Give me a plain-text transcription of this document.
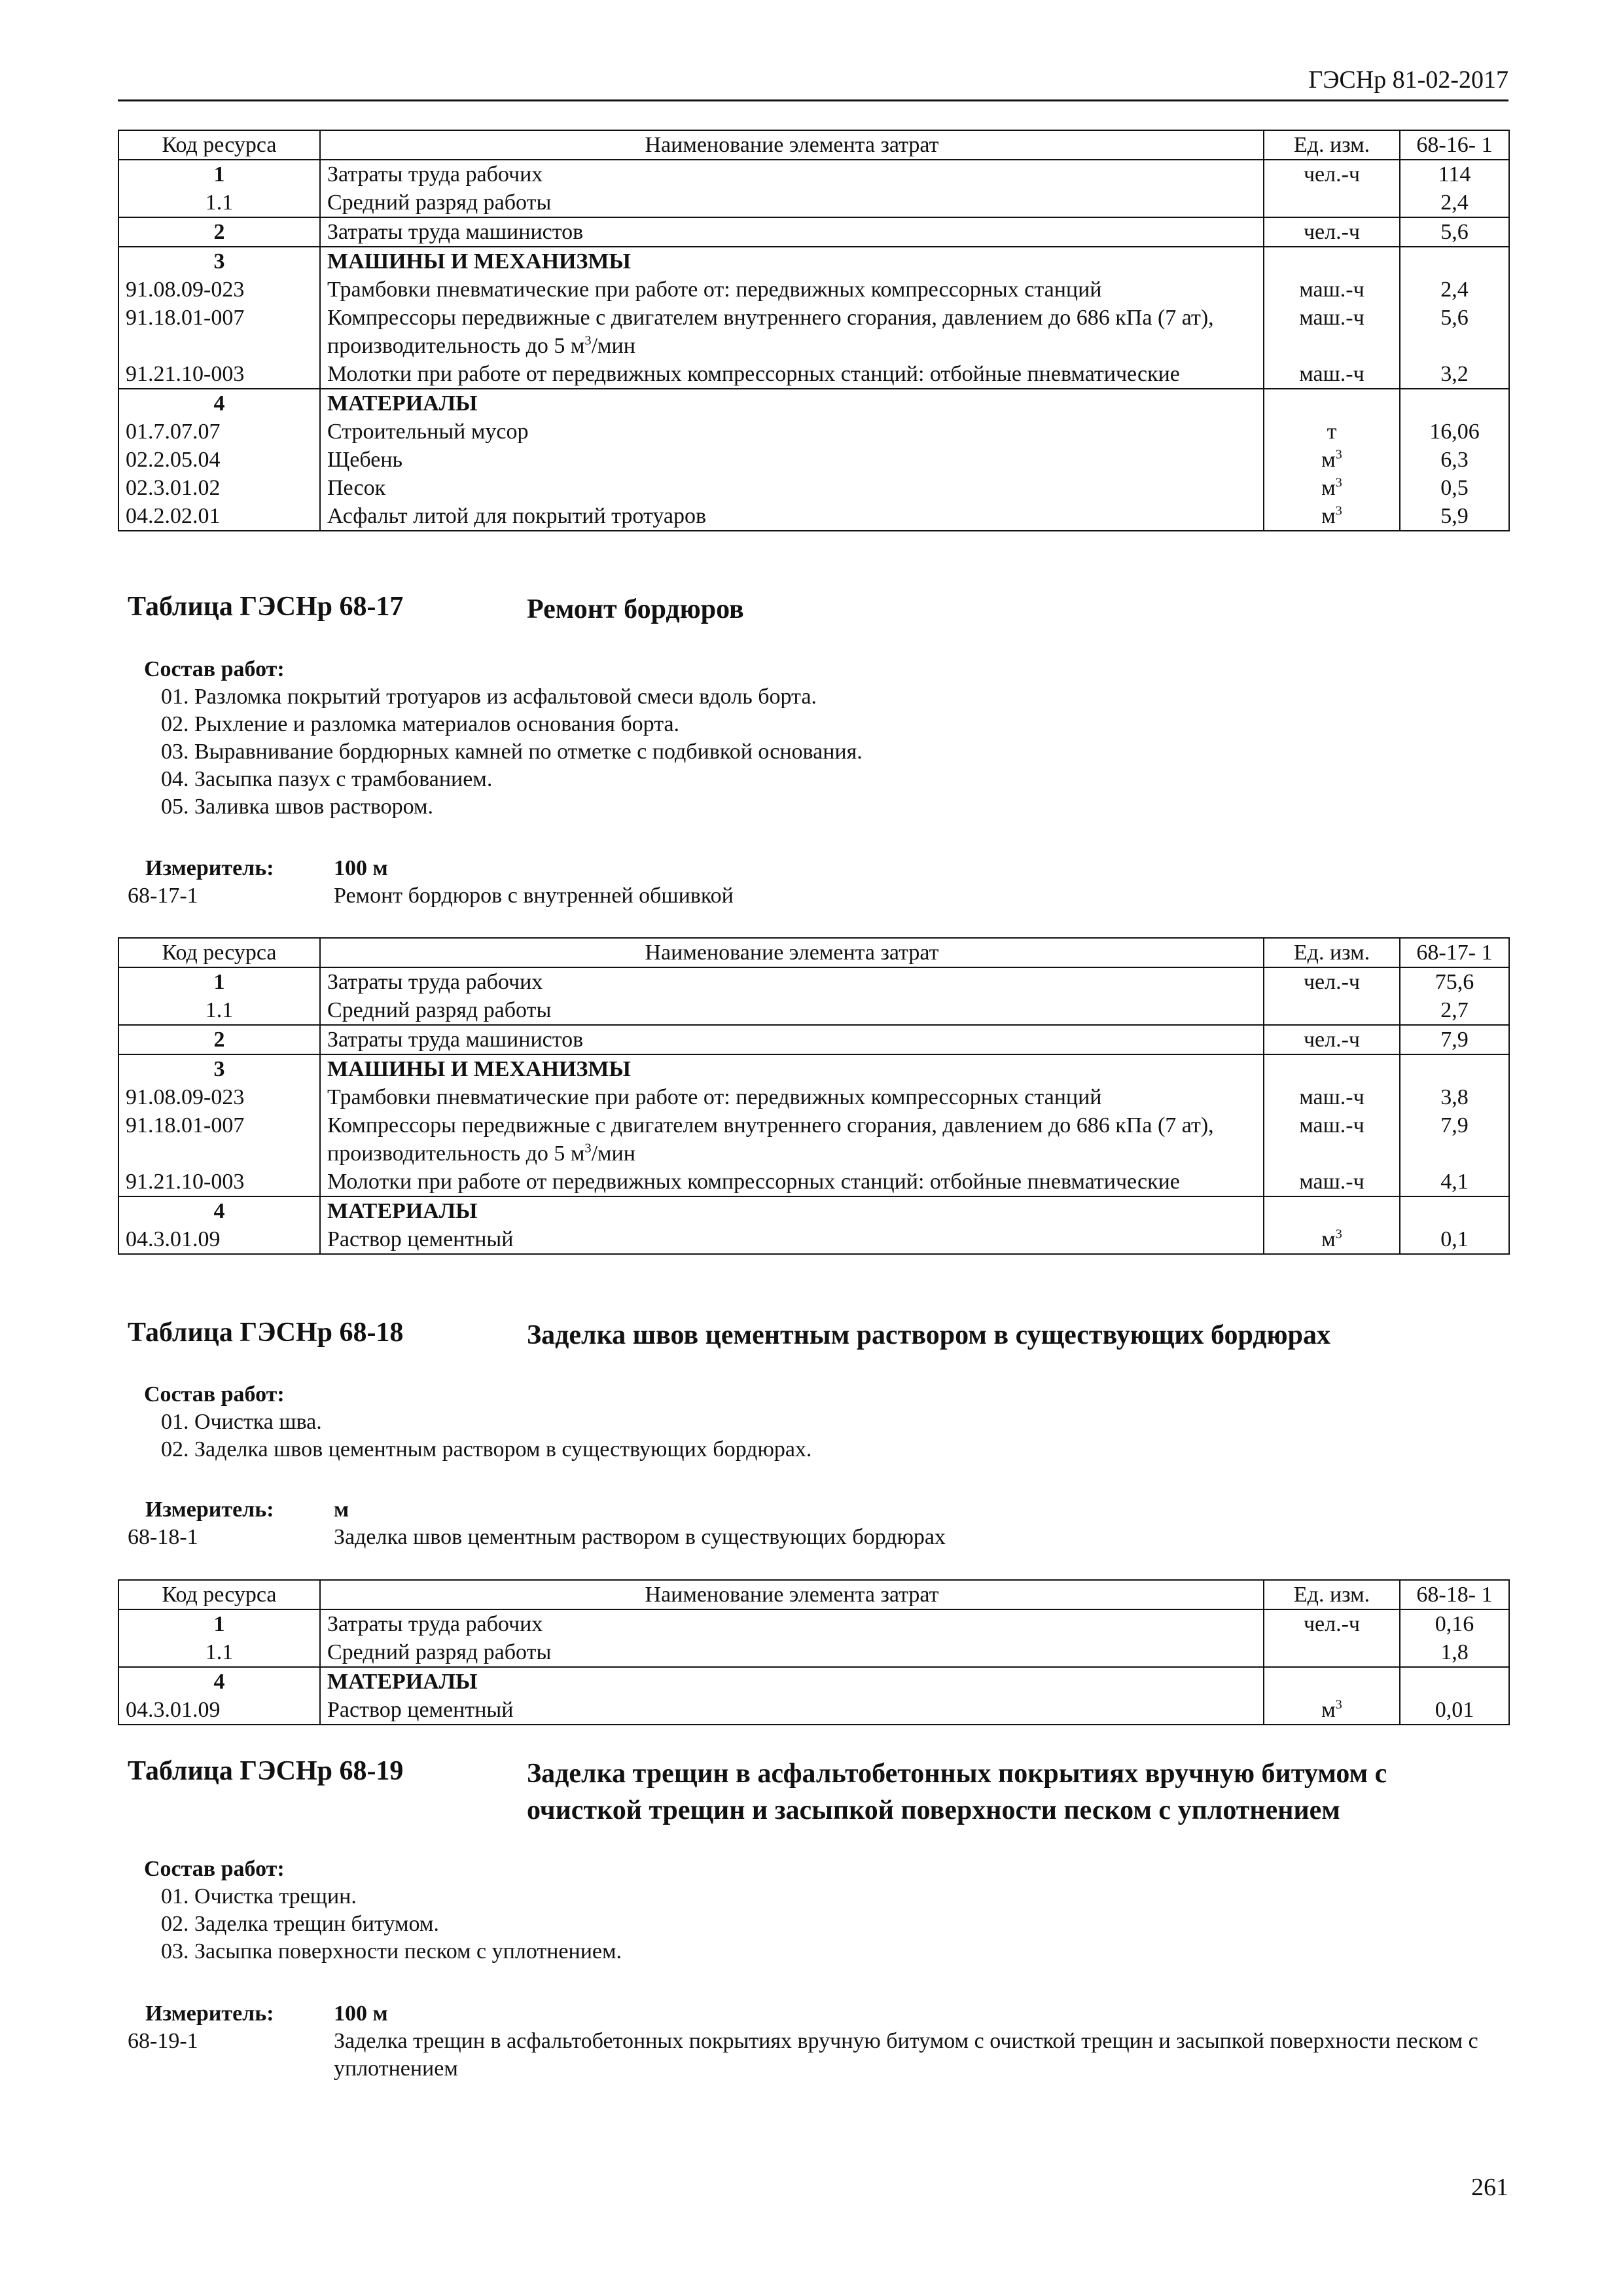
ГЭСНр 81-02-2017
Код ресурса	Наименование элемента затрат	Ед. изм.	68-16- 1
1	Затраты труда рабочих	чел.-ч	114
1.1	Средний разряд работы		2,4
2	Затраты труда машинистов	чел.-ч	5,6
3	МАШИНЫ И МЕХАНИЗМЫ		
91.08.09-023	Трамбовки пневматические при работе от: передвижных компрессорных станций	маш.-ч	2,4
91.18.01-007	Компрессоры передвижные с двигателем внутреннего сгорания, давлением до 686 кПа (7 ат), производительность до 5 $м^3$/мин	маш.-ч	5,6
91.21.10-003	Молотки при работе от передвижных компрессорных станций: отбойные пневматические	маш.-ч	3,2
4	МАТЕРИАЛЫ		
01.7.07.07	Строительный мусор	т	16,06
02.2.05.04	Щебень	$м^3$	6,3
02.3.01.02	Песок	$м^3$	0,5
04.2.02.01	Асфальт литой для покрытий тротуаров	$м^3$	5,9
Таблица ГЭСНр 68-17	Ремонт бордюров
Состав работ:
01. Разломка покрытий тротуаров из асфальтовой смеси вдоль борта.
02. Рыхление и разломка материалов основания борта.
03. Выравнивание бордюрных камней по отметке с подбивкой основания.
04. Засыпка пазух с трамбованием.
05. Заливка швов раствором.
Измеритель:	100 м
68-17-1	Ремонт бордюров с внутренней обшивкой
Код ресурса	Наименование элемента затрат	Ед. изм.	68-17- 1
1	Затраты труда рабочих	чел.-ч	75,6
1.1	Средний разряд работы		2,7
2	Затраты труда машинистов	чел.-ч	7,9
3	МАШИНЫ И МЕХАНИЗМЫ		
91.08.09-023	Трамбовки пневматические при работе от: передвижных компрессорных станций	маш.-ч	3,8
91.18.01-007	Компрессоры передвижные с двигателем внутреннего сгорания, давлением до 686 кПа (7 ат), производительность до 5 $м^3$/мин	маш.-ч	7,9
91.21.10-003	Молотки при работе от передвижных компрессорных станций: отбойные пневматические	маш.-ч	4,1
4	МАТЕРИАЛЫ		
04.3.01.09	Раствор цементный	$м^3$	0,1
Таблица ГЭСНр 68-18	Заделка швов цементным раствором в существующих бордюрах
Состав работ:
01. Очистка шва.
02. Заделка швов цементным раствором в существующих бордюрах.
Измеритель:	м
68-18-1	Заделка швов цементным раствором в существующих бордюрах
Код ресурса	Наименование элемента затрат	Ед. изм.	68-18- 1
1	Затраты труда рабочих	чел.-ч	0,16
1.1	Средний разряд работы		1,8
4	МАТЕРИАЛЫ		
04.3.01.09	Раствор цементный	$м^3$	0,01
Таблица ГЭСНр 68-19	Заделка трещин в асфальтобетонных покрытиях вручную битумом с очисткой трещин и засыпкой поверхности песком с уплотнением
Состав работ:
01. Очистка трещин.
02. Заделка трещин битумом.
03. Засыпка поверхности песком с уплотнением.
Измеритель:	100 м
68-19-1	Заделка трещин в асфальтобетонных покрытиях вручную битумом с очисткой трещин и засыпкой поверхности песком с уплотнением
261
